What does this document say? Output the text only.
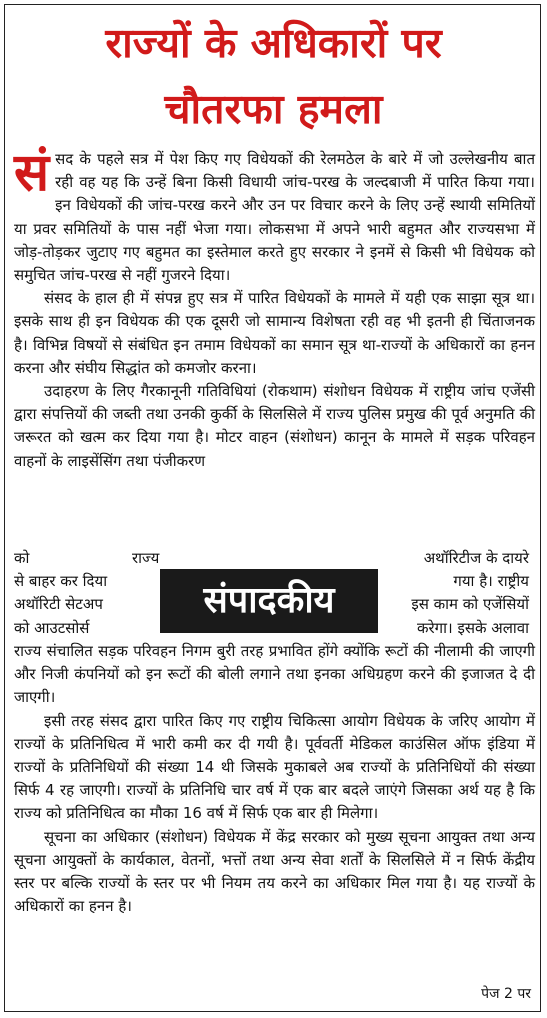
राज्यों के अधिकारों पर
चौतरफा हमला

संसद के पहले सत्र में पेश किए गए विधेयकों की रेलमठेल के बारे में जो उल्लेखनीय बात रही वह यह कि उन्हें बिना किसी विधायी जांच-परख के जल्दबाजी में पारित किया गया। इन विधेयकों की जांच-परख करने और उन पर विचार करने के लिए उन्हें स्थायी समितियों या प्रवर समितियों के पास नहीं भेजा गया। लोकसभा में अपने भारी बहुमत और राज्यसभा में जोड़-तोड़कर जुटाए गए बहुमत का इस्तेमाल करते हुए सरकार ने इनमें से किसी भी विधेयक को समुचित जांच-परख से नहीं गुजरने दिया।

संसद के हाल ही में संपन्न हुए सत्र में पारित विधेयकों के मामले में यही एक साझा सूत्र था। इसके साथ ही इन विधेयक की एक दूसरी जो सामान्य विशेषता रही वह भी इतनी ही चिंताजनक है। विभिन्न विषयों से संबंधित इन तमाम विधेयकों का समान सूत्र था-राज्यों के अधिकारों का हनन करना और संघीय सिद्धांत को कमजोर करना।

उदाहरण के लिए गैरकानूनी गतिविधियां (रोकथाम) संशोधन विधेयक में राष्ट्रीय जांच एजेंसी द्वारा संपत्तियों की जब्ती तथा उनकी कुर्की के सिलसिले में राज्य पुलिस प्रमुख की पूर्व अनुमति की जरूरत को खत्म कर दिया गया है। मोटर वाहन (संशोधन) कानून के मामले में सड़क परिवहन वाहनों के लाइसेंसिंग तथा पंजीकरण

को	राज्य	अथॉरिटीज के दायरे
से बाहर कर दिया	गया है। राष्ट्रीय
अथॉरिटी सेटअप	इस काम को एजेंसियों
को आउटसोर्स	करेगा। इसके अलावा
संपादकीय

राज्य संचालित सड़क परिवहन निगम बुरी तरह प्रभावित होंगे क्योंकि रूटों की नीलामी की जाएगी और निजी कंपनियों को इन रूटों की बोली लगाने तथा इनका अधिग्रहण करने की इजाजत दे दी जाएगी।

इसी तरह संसद द्वारा पारित किए गए राष्ट्रीय चिकित्सा आयोग विधेयक के जरिए आयोग में राज्यों के प्रतिनिधित्व में भारी कमी कर दी गयी है। पूर्ववर्ती मेडिकल काउंसिल ऑफ इंडिया में राज्यों के प्रतिनिधियों की संख्या 14 थी जिसके मुकाबले अब राज्यों के प्रतिनिधियों की संख्या सिर्फ 4 रह जाएगी। राज्यों के प्रतिनिधि चार वर्ष में एक बार बदले जाएंगे जिसका अर्थ यह है कि राज्य को प्रतिनिधित्व का मौका 16 वर्ष में सिर्फ एक बार ही मिलेगा।

सूचना का अधिकार (संशोधन) विधेयक में केंद्र सरकार को मुख्य सूचना आयुक्त तथा अन्य सूचना आयुक्तों के कार्यकाल, वेतनों, भत्तों तथा अन्य सेवा शर्तों के सिलसिले में न सिर्फ केंद्रीय स्तर पर बल्कि राज्यों के स्तर पर भी नियम तय करने का अधिकार मिल गया है। यह राज्यों के अधिकारों का हनन है।

पेज 2 पर
